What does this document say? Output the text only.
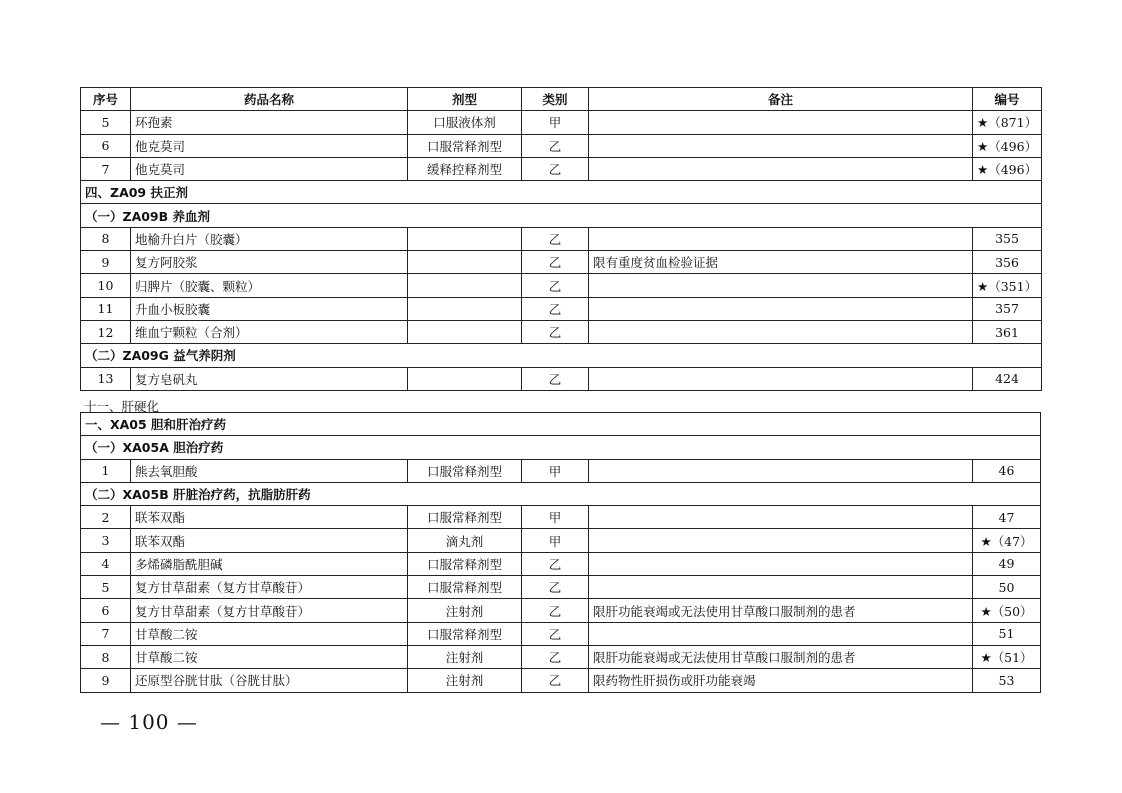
序号	药品名称	剂型	类别	备注	编号
5	环孢素	口服液体剂	甲		★（871）
6	他克莫司	口服常释剂型	乙		★（496）
7	他克莫司	缓释控释剂型	乙		★（496）
四、ZA09 扶正剂					
（一）ZA09B 养血剂					
8	地榆升白片（胶囊）		乙		355
9	复方阿胶浆		乙	限有重度贫血检验证据	356
10	归脾片（胶囊、颗粒）		乙		★（351）
11	升血小板胶囊		乙		357
12	维血宁颗粒（合剂）		乙		361
（二）ZA09G 益气养阴剂					
13	复方皂矾丸		乙		424
十一、肝硬化
一、XA05 胆和肝治疗药					
（一）XA05A 胆治疗药					
1	熊去氧胆酸	口服常释剂型	甲		46
（二）XA05B 肝脏治疗药，抗脂肪肝药					
2	联苯双酯	口服常释剂型	甲		47
3	联苯双酯	滴丸剂	甲		★（47）
4	多烯磷脂酰胆碱	口服常释剂型	乙		49
5	复方甘草甜素（复方甘草酸苷）	口服常释剂型	乙		50
6	复方甘草甜素（复方甘草酸苷）	注射剂	乙	限肝功能衰竭或无法使用甘草酸口服制剂的患者	★（50）
7	甘草酸二铵	口服常释剂型	乙		51
8	甘草酸二铵	注射剂	乙	限肝功能衰竭或无法使用甘草酸口服制剂的患者	★（51）
9	还原型谷胱甘肽（谷胱甘肽）	注射剂	乙	限药物性肝损伤或肝功能衰竭	53
— 100 —
